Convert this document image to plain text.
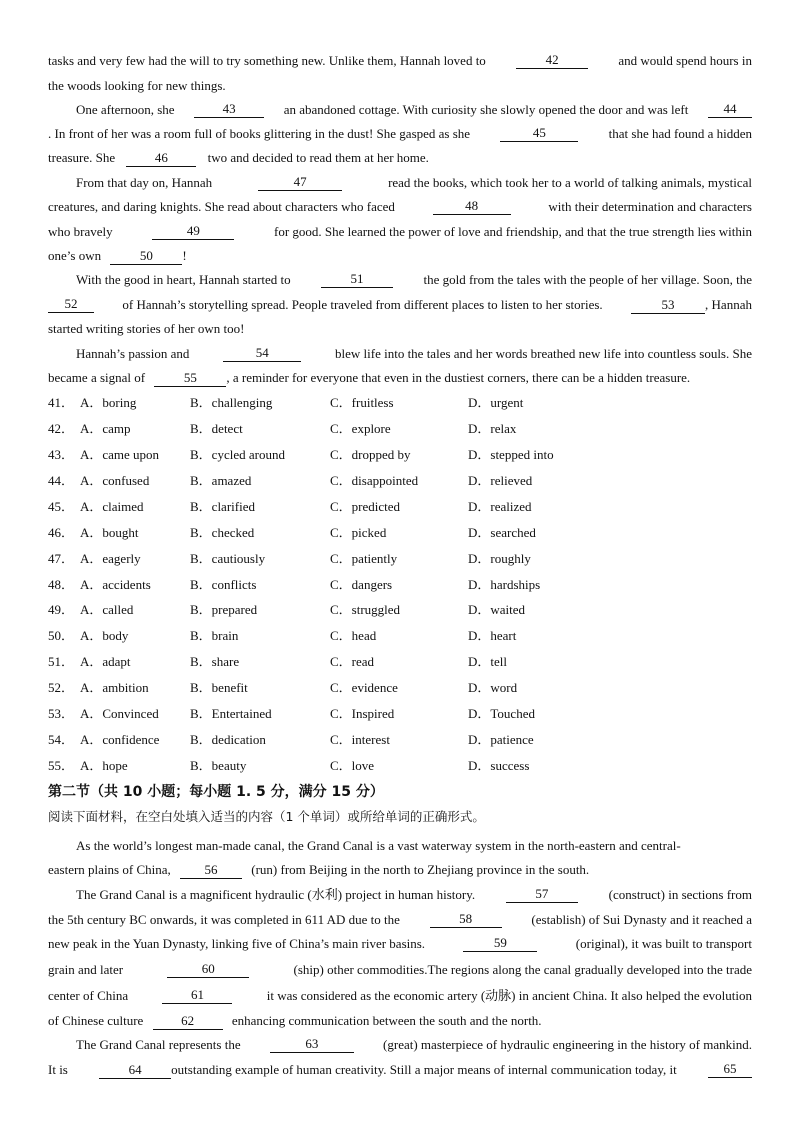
tasks and very few had the will to try something new. Unlike them, Hannah loved to	42	and would spend hours in
the woods looking for new things.
One afternoon, she	43	an abandoned cottage. With curiosity she slowly opened the door and was left	44
. In front of her was a room full of books glittering in the dust! She gasped as she	45	that she had found a hidden
treasure. She	46	two and decided to read them at her home.
From that day on, Hannah	47	read the books, which took her to a world of talking animals, mystical
creatures, and daring knights. She read about characters who faced	48	with their determination and characters
who bravely	49	for good. She learned the power of love and friendship, and that the true strength lies within
one’s own	50 !
With the good in heart, Hannah started to	51	the gold from the tales with the people of her village. Soon, the
52	of Hannah’s storytelling spread. People traveled from different places to listen to her stories.	53 , Hannah
started writing stories of her own too!
Hannah’s passion and	54	blew life into the tales and her words breathed new life into countless souls. She
became a signal of	55 , a reminder for everyone that even in the dustiest corners, there can be a hidden treasure.
41． A．boring	B．challenging	C．fruitless	D．urgent
42． A．camp	B．detect	C．explore	D．relax
43． A．came upon B．cycled around	C．dropped by	D．stepped into
44． A．confused	B．amazed	C．disappointed	D．relieved
45． A．claimed	B．clarified	C．predicted	D．realized
46． A．bought	B．checked	C．picked	D．searched
47． A．eagerly	B．cautiously	C．patiently	D．roughly
48． A．accidents	B．conflicts	C．dangers	D．hardships
49． A．called	B．prepared	C．struggled	D．waited
50． A．body	B．brain	C．head	D．heart
51． A．adapt	B．share	C．read	D．tell
52． A．ambition	B．benefit	C．evidence	D．word
53． A．Convinced B．Entertained	C．Inspired	D．Touched
54． A．confidence B．dedication	C．interest	D．patience
55． A．hope	B．beauty	C．love	D．success
第二节（共 10 小题；每小题 1. 5 分，满分 15 分）
阅读下面材料，在空白处填入适当的内容（1 个单词）或所给单词的正确形式。
As the world’s longest man-made canal, the Grand Canal is a vast waterway system in the north-eastern and central-
eastern plains of China,	56	(run) from Beijing in the north to Zhejiang province in the south.
The Grand Canal is a magnificent hydraulic (水利) project in human history.	57	(construct) in sections from
the 5th century BC onwards, it was completed in 611 AD due to the	58	(establish) of Sui Dynasty and it reached a
new peak in the Yuan Dynasty, linking five of China’s main river basins.	59	(original), it was built to transport
grain and later	60	(ship) other commodities.The regions along the canal gradually developed into the trade
center of China	61	it was considered as the economic artery (动脉) in ancient China. It also helped the evolution
of Chinese culture	62	enhancing communication between the south and the north.
The Grand Canal represents the	63	(great) masterpiece of hydraulic engineering in the history of mankind.
It is	64 outstanding example of human creativity. Still a major means of internal communication today, it	65
